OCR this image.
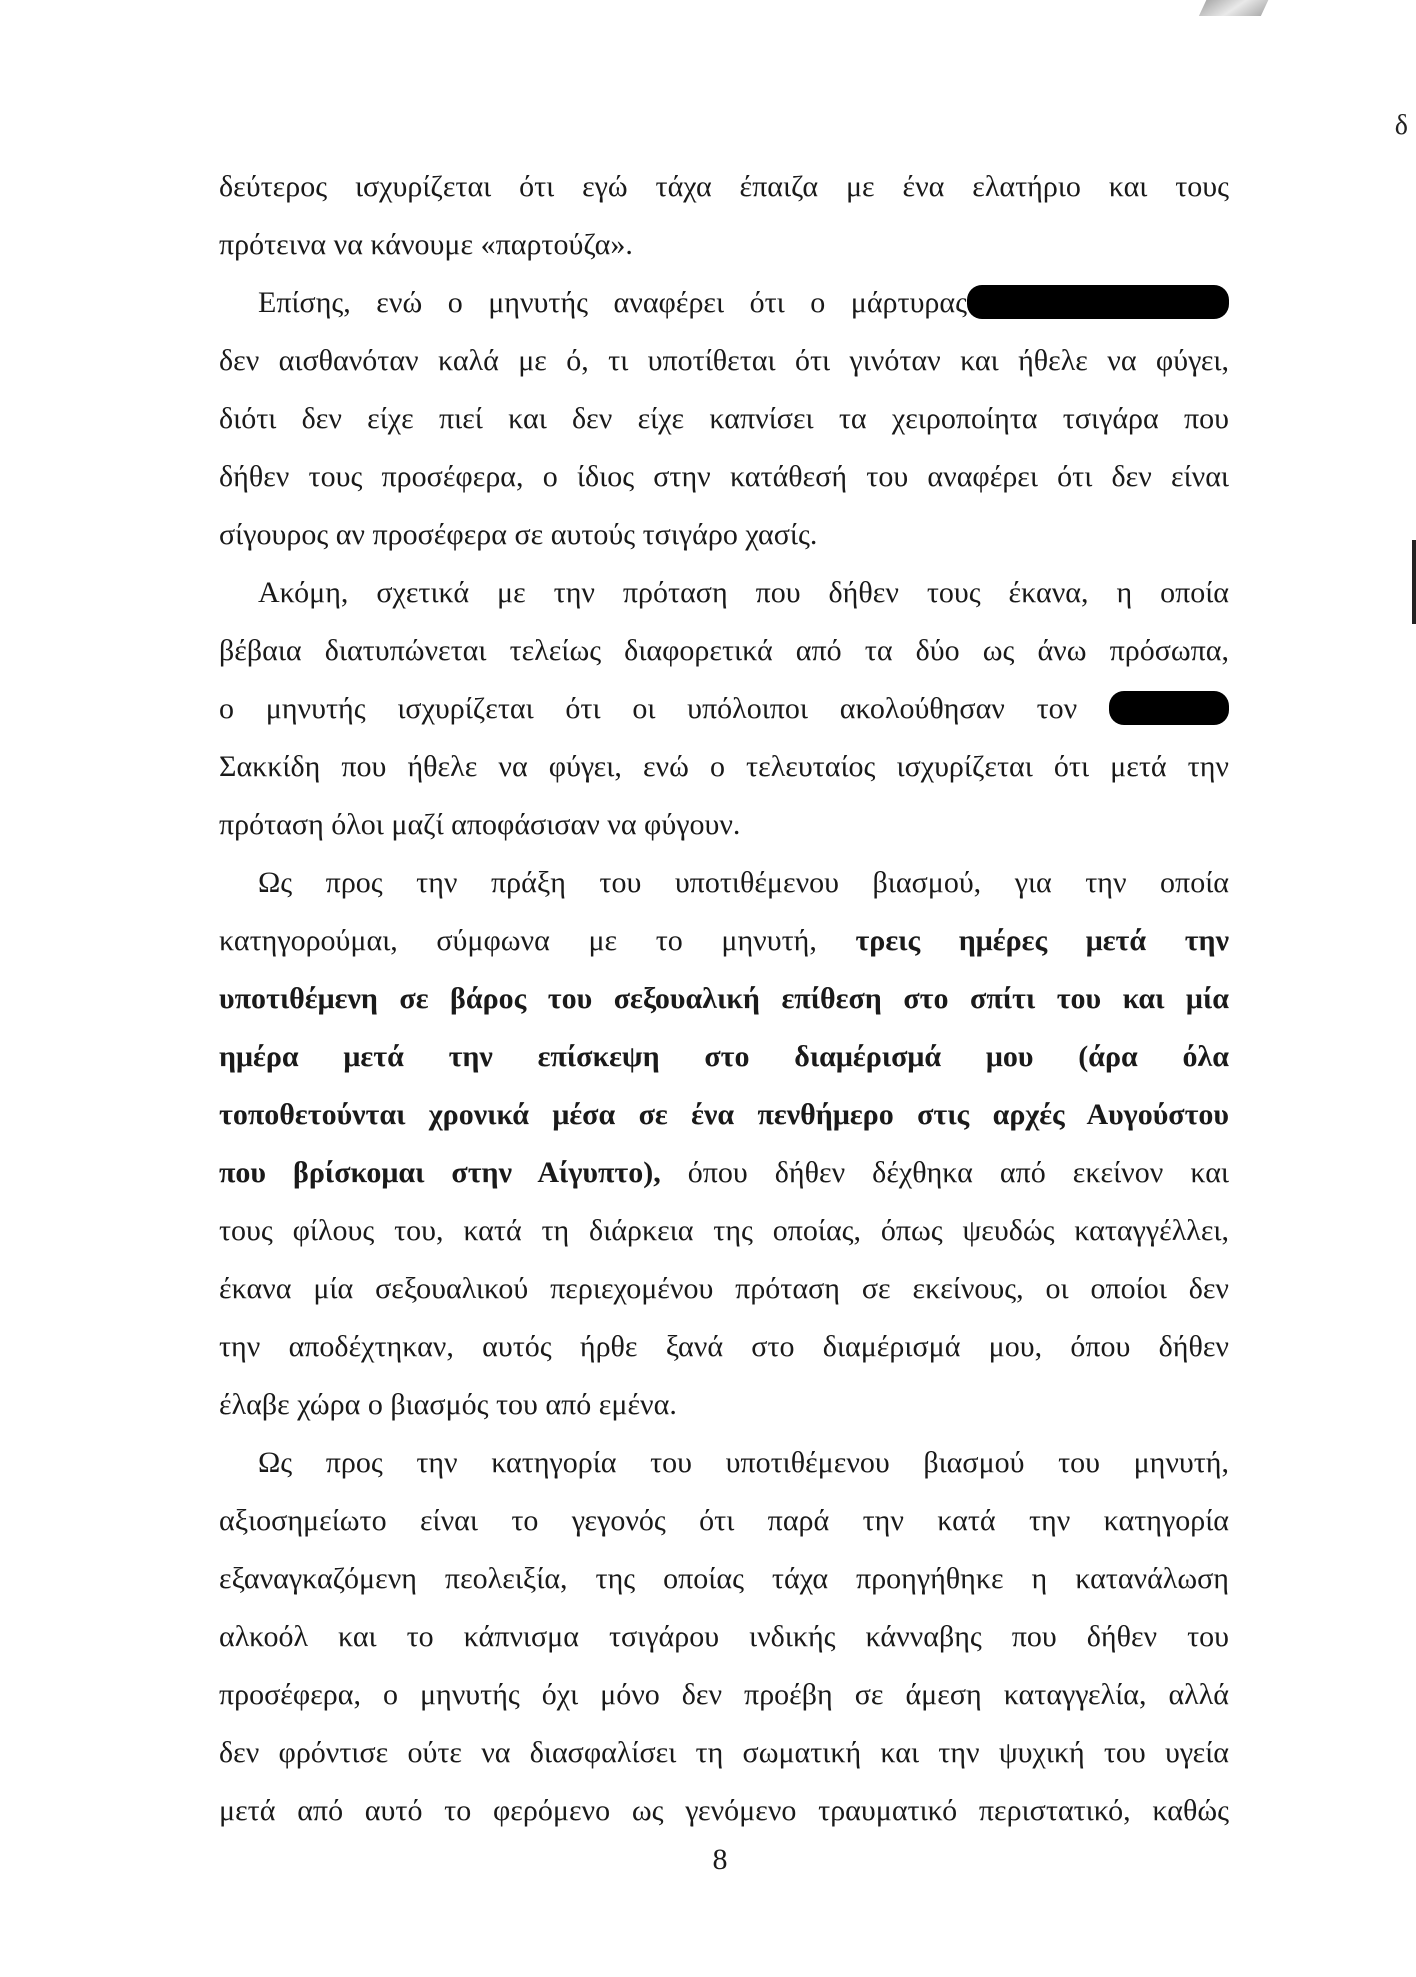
δ
δεύτερος ισχυρίζεται ότι εγώ τάχα έπαιζα με ένα ελατήριο και τους
πρότεινα να κάνουμε «παρτούζα».
Επίσης, ενώ ο μηνυτής αναφέρει ότι ο μάρτυρας
δεν αισθανόταν καλά με ό, τι υποτίθεται ότι γινόταν και ήθελε να φύγει,
διότι δεν είχε πιεί και δεν είχε καπνίσει τα χειροποίητα τσιγάρα που
δήθεν τους προσέφερα, ο ίδιος στην κατάθεσή του αναφέρει ότι δεν είναι
σίγουρος αν προσέφερα σε αυτούς τσιγάρο χασίς.
Ακόμη, σχετικά με την πρόταση που δήθεν τους έκανα, η οποία
βέβαια διατυπώνεται τελείως διαφορετικά από τα δύο ως άνω πρόσωπα,
ο μηνυτής ισχυρίζεται ότι οι υπόλοιποι ακολούθησαν τον
Σακκίδη που ήθελε να φύγει, ενώ ο τελευταίος ισχυρίζεται ότι μετά την
πρόταση όλοι μαζί αποφάσισαν να φύγουν.
Ως προς την πράξη του υποτιθέμενου βιασμού, για την οποία
κατηγορούμαι, σύμφωνα με το μηνυτή, τρεις ημέρες μετά την
υποτιθέμενη σε βάρος του σεξουαλική επίθεση στο σπίτι του και μία
ημέρα μετά την επίσκεψη στο διαμέρισμά μου (άρα όλα
τοποθετούνται χρονικά μέσα σε ένα πενθήμερο στις αρχές Αυγούστου
που βρίσκομαι στην Αίγυπτο), όπου δήθεν δέχθηκα από εκείνον και
τους φίλους του, κατά τη διάρκεια της οποίας, όπως ψευδώς καταγγέλλει,
έκανα μία σεξουαλικού περιεχομένου πρόταση σε εκείνους, οι οποίοι δεν
την αποδέχτηκαν, αυτός ήρθε ξανά στο διαμέρισμά μου, όπου δήθεν
έλαβε χώρα ο βιασμός του από εμένα.
Ως προς την κατηγορία του υποτιθέμενου βιασμού του μηνυτή,
αξιοσημείωτο είναι το γεγονός ότι παρά την κατά την κατηγορία
εξαναγκαζόμενη πεολειξία, της οποίας τάχα προηγήθηκε η κατανάλωση
αλκοόλ και το κάπνισμα τσιγάρου ινδικής κάνναβης που δήθεν του
προσέφερα, ο μηνυτής όχι μόνο δεν προέβη σε άμεση καταγγελία, αλλά
δεν φρόντισε ούτε να διασφαλίσει τη σωματική και την ψυχική του υγεία
μετά από αυτό το φερόμενο ως γενόμενο τραυματικό περιστατικό, καθώς
8
